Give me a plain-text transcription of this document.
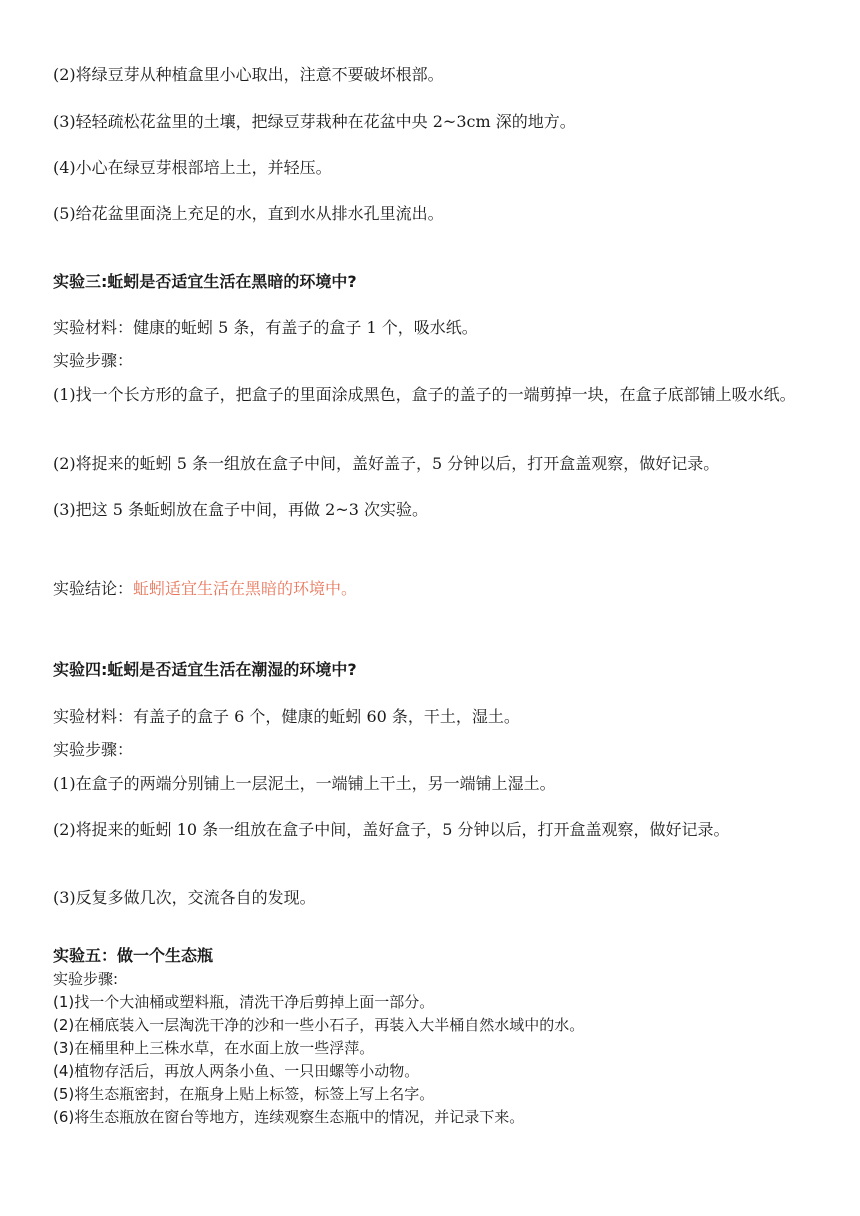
(2)将绿豆芽从种植盒里小心取出，注意不要破坏根部。
(3)轻轻疏松花盆里的土壤，把绿豆芽栽种在花盆中央 2~3cm 深的地方。
(4)小心在绿豆芽根部培上土，并轻压。
(5)给花盆里面浇上充足的水，直到水从排水孔里流出。
实验三:蚯蚓是否适宜生活在黑暗的环境中?
实验材料：健康的蚯蚓 5 条，有盖子的盒子 1 个，吸水纸。
实验步骤：
(1)找一个长方形的盒子，把盒子的里面涂成黑色，盒子的盖子的一端剪掉一块，在盒子底部铺上吸水纸。
(2)将捉来的蚯蚓 5 条一组放在盒子中间，盖好盖子，5 分钟以后，打开盒盖观察，做好记录。
(3)把这 5 条蚯蚓放在盒子中间，再做 2~3 次实验。
实验结论：蚯蚓适宜生活在黑暗的环境中。
实验四:蚯蚓是否适宜生活在潮湿的环境中?
实验材料：有盖子的盒子 6 个，健康的蚯蚓 60 条，干土，湿土。
实验步骤：
(1)在盒子的两端分别铺上一层泥土，一端铺上干土，另一端铺上湿土。
(2)将捉来的蚯蚓 10 条一组放在盒子中间，盖好盒子，5 分钟以后，打开盒盖观察，做好记录。
(3)反复多做几次，交流各自的发现。
实验五：做一个生态瓶
实验步骤:
(1)找一个大油桶或塑料瓶，清洗干净后剪掉上面一部分。
(2)在桶底装入一层淘洗干净的沙和一些小石子，再装入大半桶自然水域中的水。
(3)在桶里种上三株水草，在水面上放一些浮萍。
(4)植物存活后，再放人两条小鱼、一只田螺等小动物。
(5)将生态瓶密封，在瓶身上贴上标签，标签上写上名字。
(6)将生态瓶放在窗台等地方，连续观察生态瓶中的情况，并记录下来。
